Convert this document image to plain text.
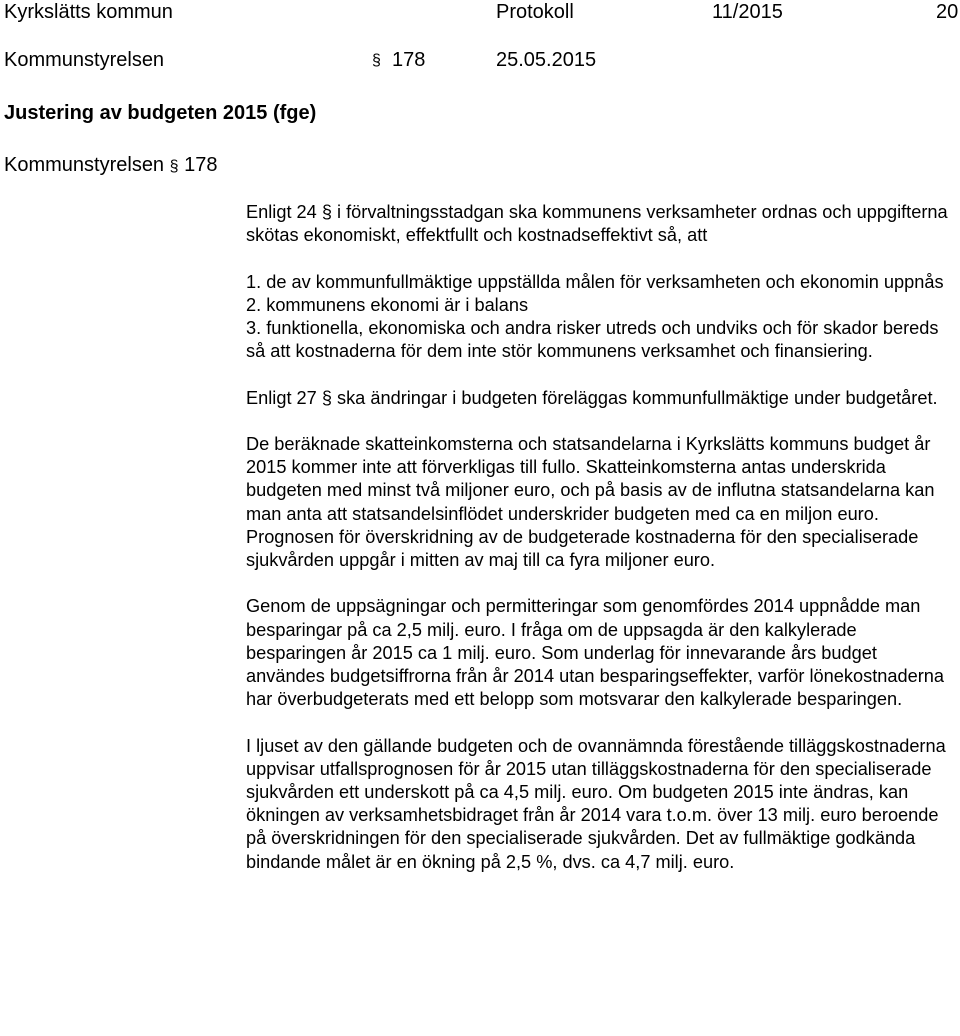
Kyrkslätts kommun	Protokoll	11/2015	20
Kommunstyrelsen	§ 178	25.05.2015
Justering av budgeten 2015 (fge)
Kommunstyrelsen § 178

Enligt 24 § i förvaltningsstadgan ska kommunens verksamheter ordnas och uppgifterna skötas ekonomiskt, effektfullt och kostnadseffektivt så, att

1. de av kommunfullmäktige uppställda målen för verksamheten och ekonomin uppnås

2. kommunens ekonomi är i balans

3. funktionella, ekonomiska och andra risker utreds och undviks och för skador bereds så att kostnaderna för dem inte stör kommunens verksamhet och finansiering.

Enligt 27 § ska ändringar i budgeten föreläggas kommunfullmäktige under budgetåret.

De beräknade skatteinkomsterna och statsandelarna i Kyrkslätts kommuns budget år 2015 kommer inte att förverkligas till fullo. Skatteinkomsterna antas underskrida budgeten med minst två miljoner euro, och på basis av de influtna statsandelarna kan man anta att statsandelsinflödet underskrider budgeten med ca en miljon euro. Prognosen för överskridning av de budgeterade kostnaderna för den specialiserade sjukvården uppgår i mitten av maj till ca fyra miljoner euro.

Genom de uppsägningar och permitteringar som genomfördes 2014 uppnådde man besparingar på ca 2,5 milj. euro. I fråga om de uppsagda är den kalkylerade besparingen år 2015 ca 1 milj. euro. Som underlag för innevarande års budget användes budgetsiffrorna från år 2014 utan besparingseffekter, varför lönekostnaderna har överbudgeterats med ett belopp som motsvarar den kalkylerade besparingen.

I ljuset av den gällande budgeten och de ovannämnda förestående tilläggskostnaderna uppvisar utfallsprognosen för år 2015 utan tilläggskostnaderna för den specialiserade sjukvården ett underskott på ca 4,5 milj. euro. Om budgeten 2015 inte ändras, kan ökningen av verksamhetsbidraget från år 2014 vara t.o.m. över 13 milj. euro beroende på överskridningen för den specialiserade sjukvården. Det av fullmäktige godkända bindande målet är en ökning på 2,5 %, dvs. ca 4,7 milj. euro.
